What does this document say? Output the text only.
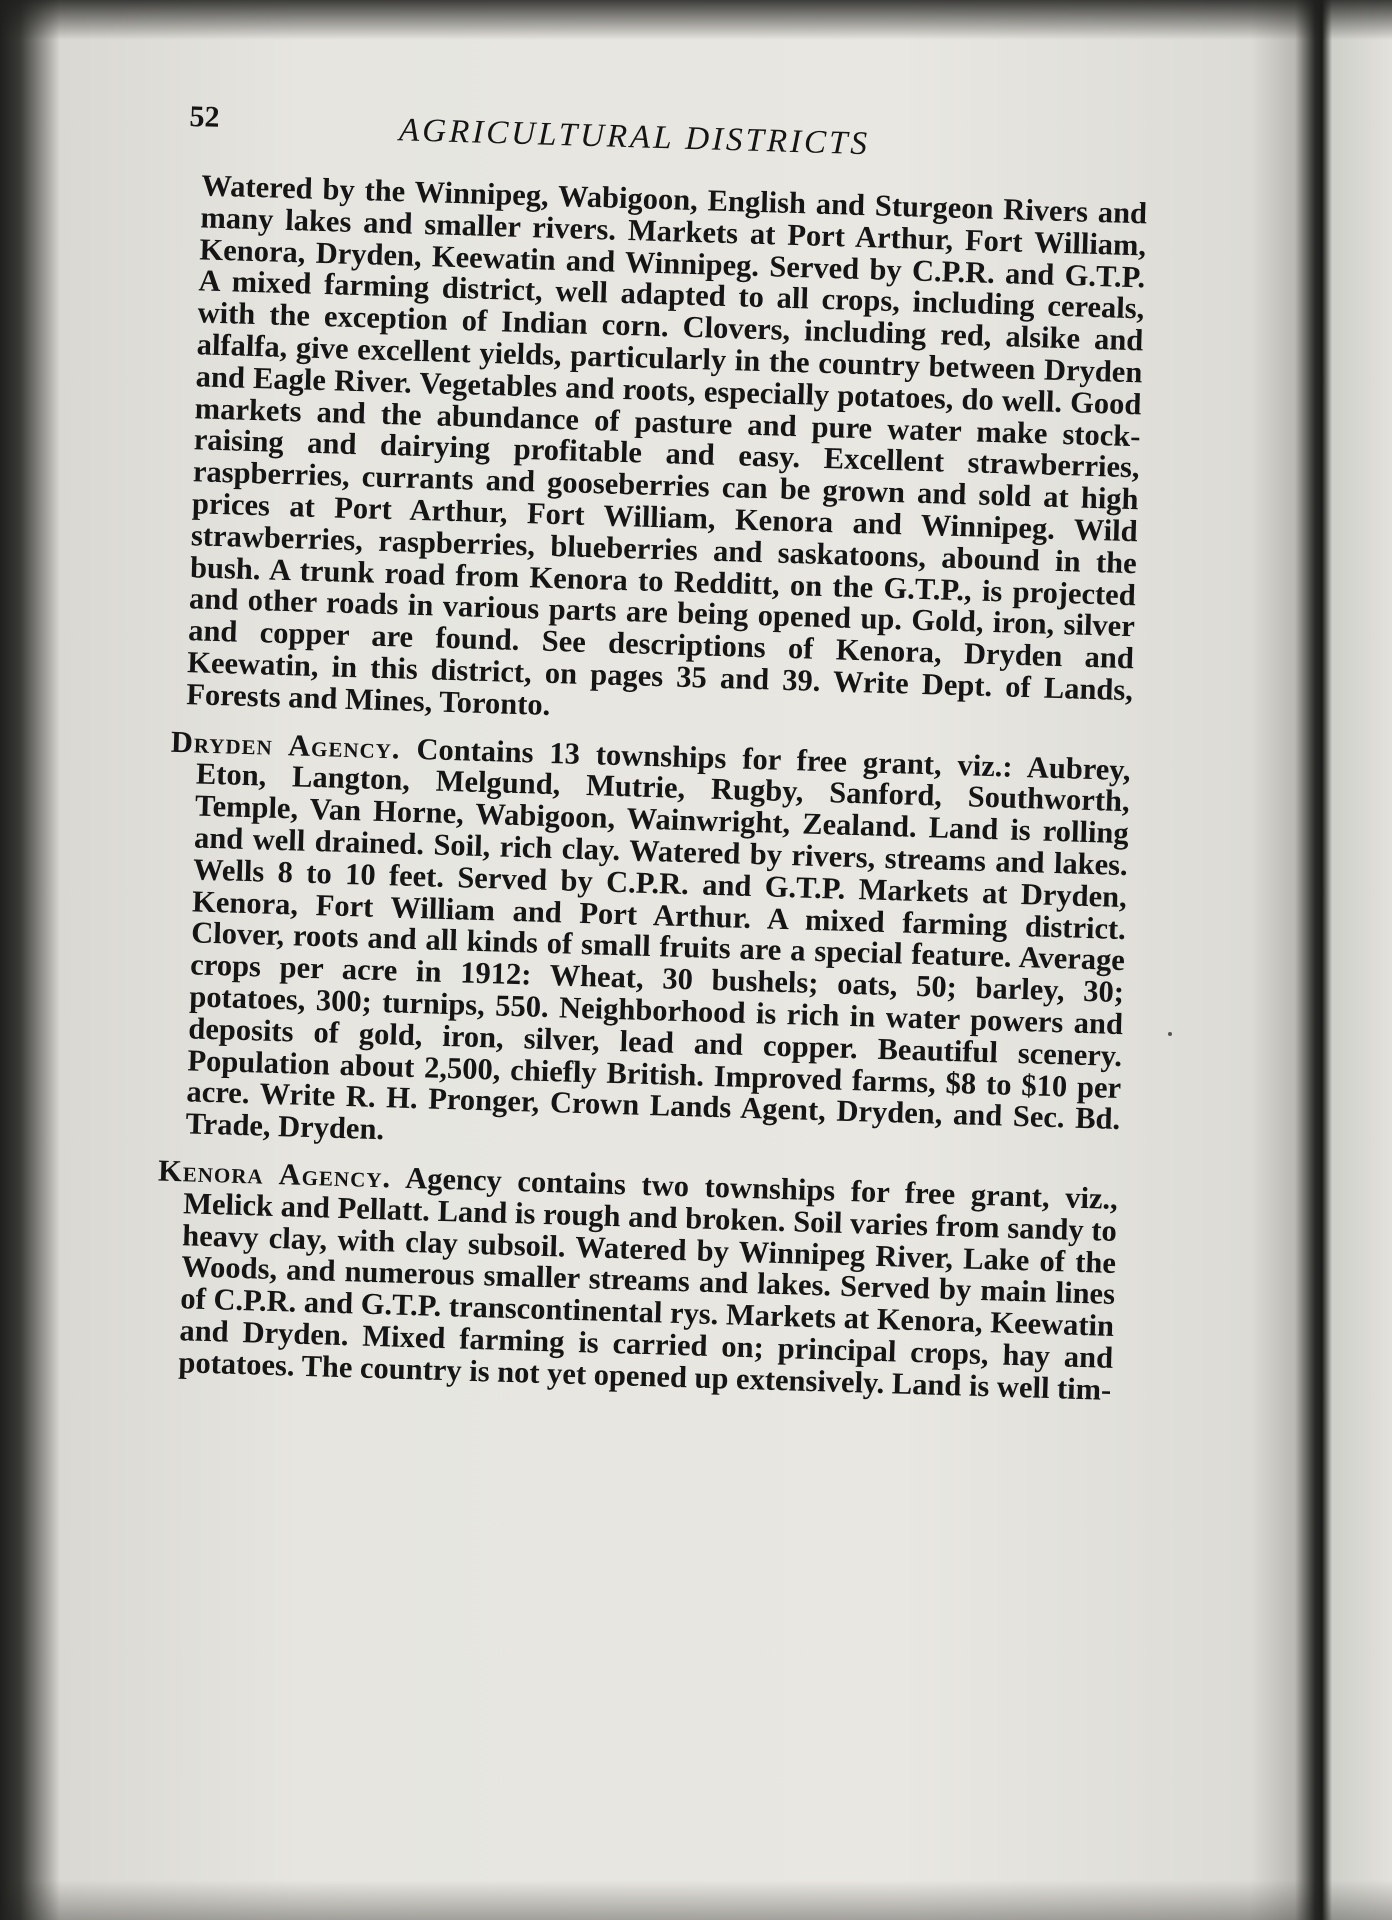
52	AGRICULTURAL DISTRICTS

Watered by the Winnipeg, Wabigoon, English and Sturgeon Rivers and many lakes and smaller rivers. Markets at Port Arthur, Fort William, Kenora, Dryden, Keewatin and Winnipeg. Served by C.P.R. and G.T.P. A mixed farming district, well adapted to all crops, including cereals, with the exception of Indian corn. Clovers, including red, alsike and alfalfa, give excellent yields, particularly in the country between Dryden and Eagle River. Vegetables and roots, especially potatoes, do well. Good markets and the abundance of pasture and pure water make stock-raising and dairying profitable and easy. Excellent strawberries, raspberries, currants and gooseberries can be grown and sold at high prices at Port Arthur, Fort William, Kenora and Winnipeg. Wild strawberries, raspberries, blueberries and saskatoons, abound in the bush. A trunk road from Kenora to Redditt, on the G.T.P., is projected and other roads in various parts are being opened up. Gold, iron, silver and copper are found. See descriptions of Kenora, Dryden and Keewatin, in this district, on pages 35 and 39. Write Dept. of Lands, Forests and Mines, Toronto.

Dryden Agency. Contains 13 townships for free grant, viz.: Aubrey, Eton, Langton, Melgund, Mutrie, Rugby, Sanford, Southworth, Temple, Van Horne, Wabigoon, Wainwright, Zealand. Land is rolling and well drained. Soil, rich clay. Watered by rivers, streams and lakes. Wells 8 to 10 feet. Served by C.P.R. and G.T.P. Markets at Dryden, Kenora, Fort William and Port Arthur. A mixed farming district. Clover, roots and all kinds of small fruits are a special feature. Average crops per acre in 1912: Wheat, 30 bushels; oats, 50; barley, 30; potatoes, 300; turnips, 550. Neighborhood is rich in water powers and deposits of gold, iron, silver, lead and copper. Beautiful scenery. Population about 2,500, chiefly British. Improved farms, $8 to $10 per acre. Write R. H. Pronger, Crown Lands Agent, Dryden, and Sec. Bd. Trade, Dryden.

Kenora Agency. Agency contains two townships for free grant, viz., Melick and Pellatt. Land is rough and broken. Soil varies from sandy to heavy clay, with clay subsoil. Watered by Winnipeg River, Lake of the Woods, and numerous smaller streams and lakes. Served by main lines of C.P.R. and G.T.P. transcontinental rys. Markets at Kenora, Keewatin and Dryden. Mixed farming is carried on; principal crops, hay and potatoes. The country is not yet opened up extensively. Land is well tim-
